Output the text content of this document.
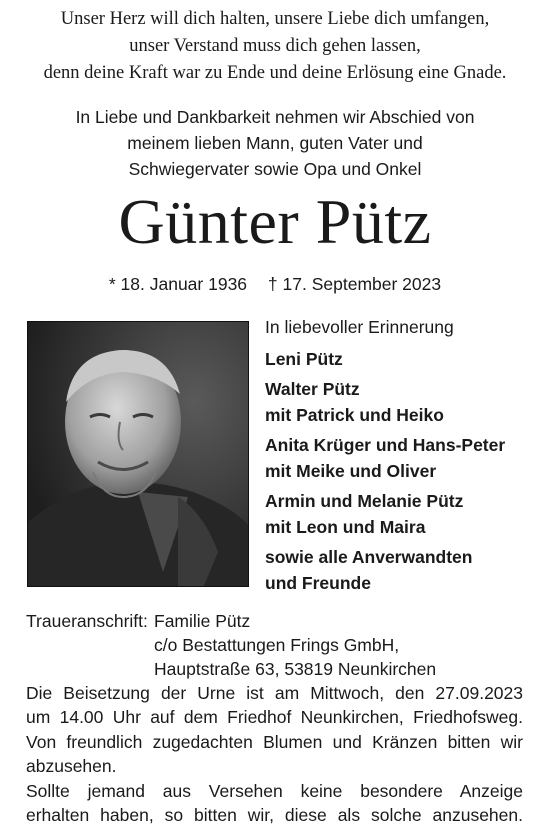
Unser Herz will dich halten, unsere Liebe dich umfangen,
unser Verstand muss dich gehen lassen,
denn deine Kraft war zu Ende und deine Erlösung eine Gnade.
In Liebe und Dankbarkeit nehmen wir Abschied von
meinem lieben Mann, guten Vater und
Schwiegervater sowie Opa und Onkel
Günter Pütz
* 18. Januar 1936 † 17. September 2023
In liebevoller Erinnerung
Leni Pütz
Walter Pütz
mit Patrick und Heiko
Anita Krüger und Hans-Peter
mit Meike und Oliver
Armin und Melanie Pütz
mit Leon und Maira
sowie alle Anverwandten
und Freunde
Traueranschrift: Familie Pütz
c/o Bestattungen Frings GmbH,
Hauptstraße 63, 53819 Neunkirchen
Die Beisetzung der Urne ist am Mittwoch, den 27.09.2023
um 14.00 Uhr auf dem Friedhof Neunkirchen, Friedhofsweg.
Von freundlich zugedachten Blumen und Kränzen bitten wir
abzusehen.
Sollte jemand aus Versehen keine besondere Anzeige
erhalten haben, so bitten wir, diese als solche anzusehen.
